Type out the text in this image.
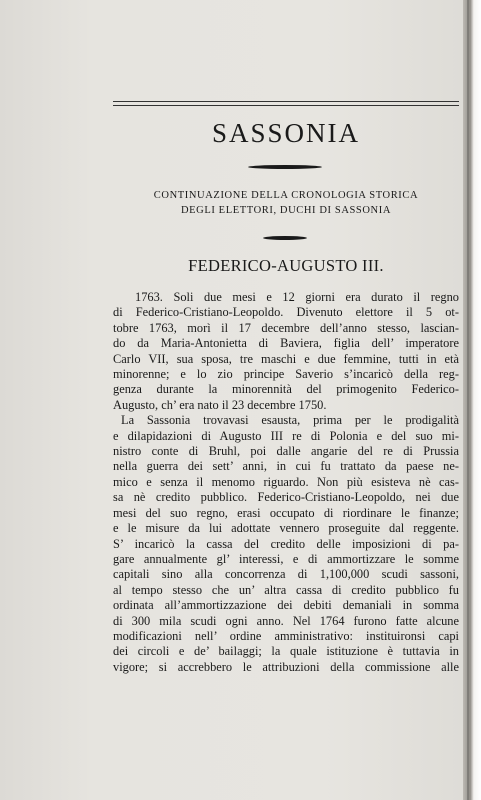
SASSONIA
CONTINUAZIONE DELLA CRONOLOGIA STORICA
DEGLI ELETTORI, DUCHI DI SASSONIA
FEDERICO-AUGUSTO III.

1763. Soli due mesi e 12 giorni era durato il regno
di Federico-Cristiano-Leopoldo. Divenuto elettore il 5 ot-
tobre 1763, morì il 17 decembre dell’anno stesso, lascian-
do da Maria-Antonietta di Baviera, figlia dell’ imperatore
Carlo VII, sua sposa, tre maschi e due femmine, tutti in età
minorenne; e lo zio principe Saverio s’incaricò della reg-
genza durante la minorennità del primogenito Federico-
Augusto, ch’ era nato il 23 decembre 1750.

La Sassonia trovavasi esausta, prima per le prodigalità
e dilapidazioni di Augusto III re di Polonia e del suo mi-
nistro conte di Bruhl, poi dalle angarie del re di Prussia
nella guerra dei sett’ anni, in cui fu trattato da paese ne-
mico e senza il menomo riguardo. Non più esisteva nè cas-
sa nè credito pubblico. Federico-Cristiano-Leopoldo, nei due
mesi del suo regno, erasi occupato di riordinare le finanze;
e le misure da lui adottate vennero proseguite dal reggente.
S’ incaricò la cassa del credito delle imposizioni di pa-
gare annualmente gl’ interessi, e di ammortizzare le somme
capitali sino alla concorrenza di 1,100,000 scudi sassoni,
al tempo stesso che un’ altra cassa di credito pubblico fu
ordinata all’ammortizzazione dei debiti demaniali in somma
di 300 mila scudi ogni anno. Nel 1764 furono fatte alcune
modificazioni nell’ ordine amministrativo: instituironsi capi
dei circoli e de’ bailaggi; la quale istituzione è tuttavia in
vigore; si accrebbero le attribuzioni della commissione alle
